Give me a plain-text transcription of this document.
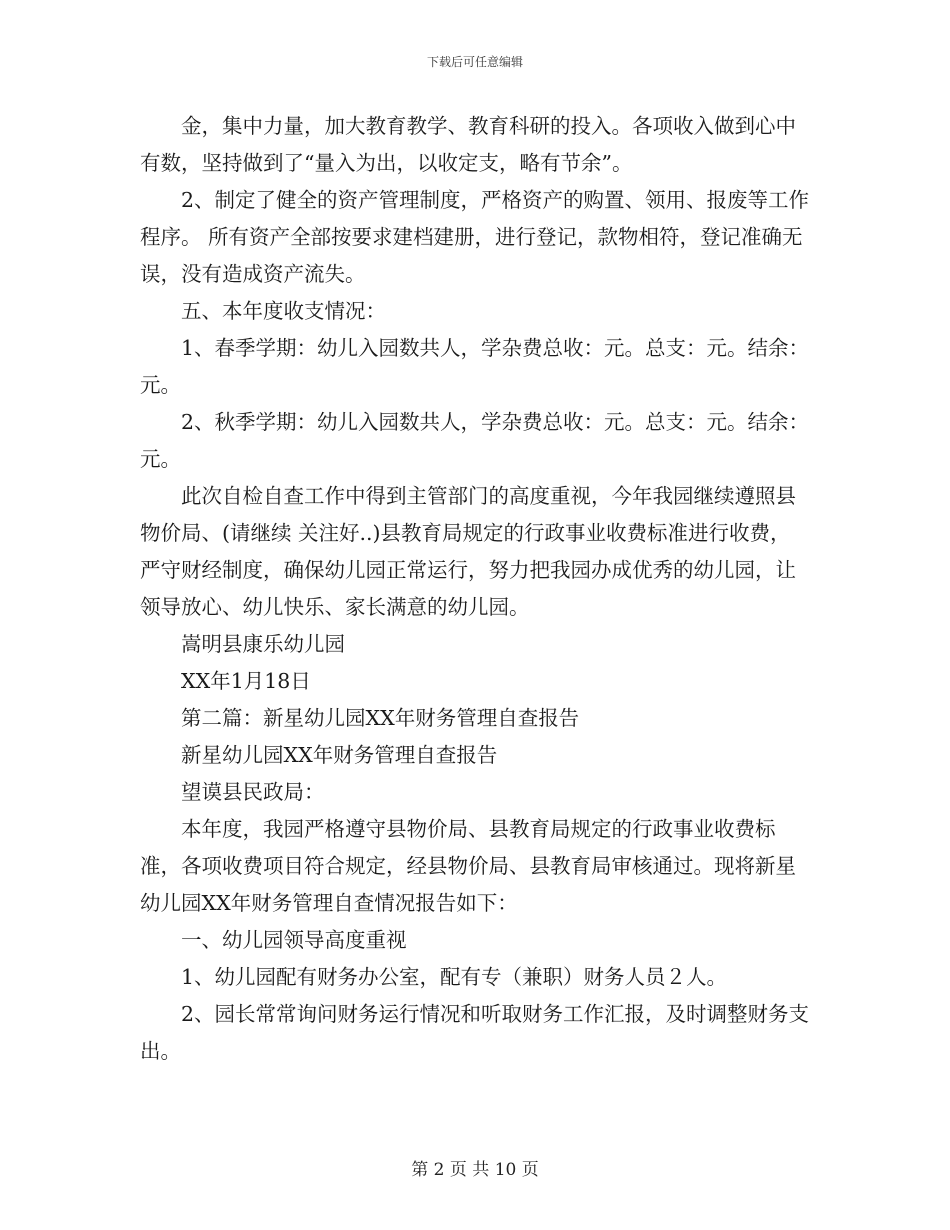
下载后可任意编辑

金，集中力量，加大教育教学、教育科研的投入。各项收入做到心中有数，坚持做到了“量入为出，以收定支，略有节余”。

2、制定了健全的资产管理制度，严格资产的购置、领用、报废等工作程序。 所有资产全部按要求建档建册，进行登记，款物相符，登记准确无误，没有造成资产流失。

五、本年度收支情况：

1、春季学期：幼儿入园数共人，学杂费总收：元。总支：元。结余：元。

2、秋季学期：幼儿入园数共人，学杂费总收：元。总支：元。结余：元。

此次自检自查工作中得到主管部门的高度重视，今年我园继续遵照县物价局、(请继续 关注好..)县教育局规定的行政事业收费标准进行收费，严守财经制度，确保幼儿园正常运行，努力把我园办成优秀的幼儿园，让领导放心、幼儿快乐、家长满意的幼儿园。

嵩明县康乐幼儿园

XX年1月18日

第二篇：新星幼儿园XX年财务管理自查报告

新星幼儿园XX年财务管理自查报告

望谟县民政局：

本年度，我园严格遵守县物价局、县教育局规定的行政事业收费标准，各项收费项目符合规定，经县物价局、县教育局审核通过。现将新星幼儿园XX年财务管理自查情况报告如下：

一、幼儿园领导高度重视

1、幼儿园配有财务办公室，配有专（兼职）财务人员２人。

2、园长常常询问财务运行情况和听取财务工作汇报，及时调整财务支出。

第 2 页 共 10 页
